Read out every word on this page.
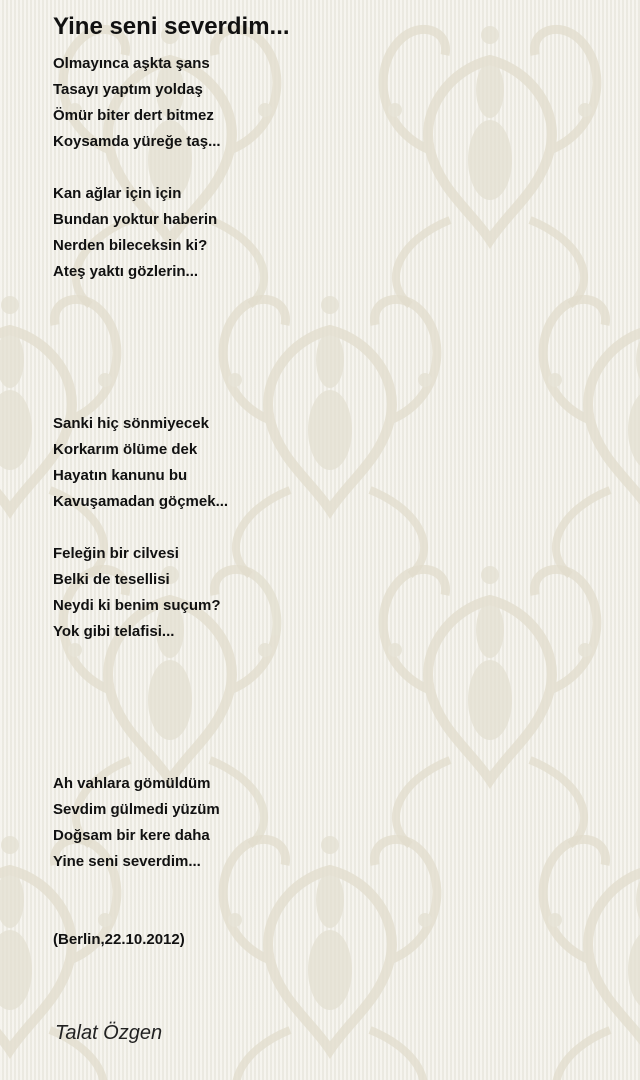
Yine seni severdim...

Olmayınca aşkta şans

Tasayı yaptım yoldaş

Ömür biter dert bitmez

Koysamda yüreğe taş...

Kan ağlar için için

Bundan yoktur haberin

Nerden bileceksin ki?

Ateş yaktı gözlerin...

Sanki hiç sönmiyecek

Korkarım ölüme dek

Hayatın kanunu bu

Kavuşamadan göçmek...

Feleğin bir cilvesi

Belki de tesellisi

Neydi ki benim suçum?

Yok gibi telafisi...

Ah vahlara gömüldüm

Sevdim gülmedi yüzüm

Doğsam bir kere daha

Yine seni severdim...

(Berlin,22.10.2012)

Talat Özgen
